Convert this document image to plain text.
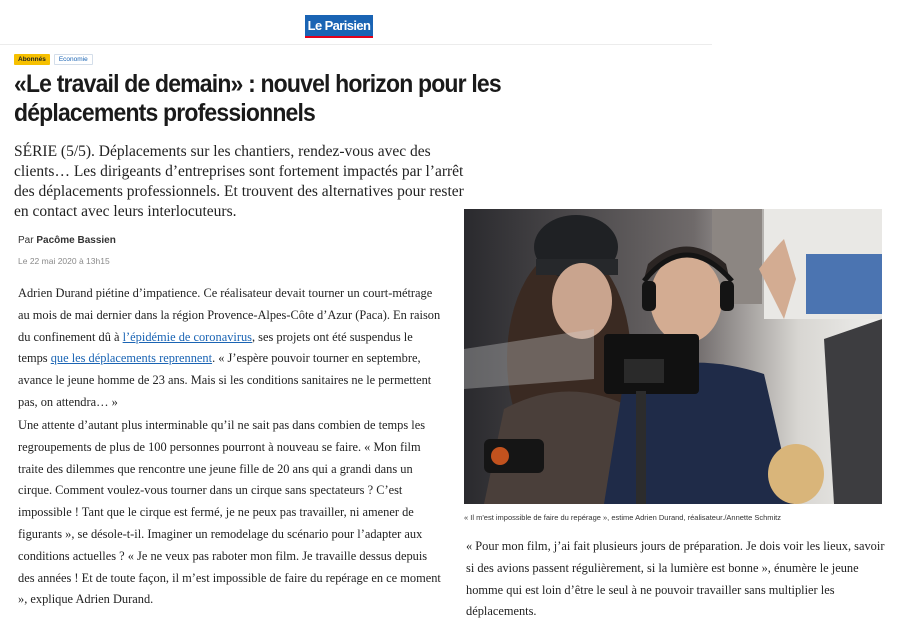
Le Parisien
Abonnés	Economie
«Le travail de demain» : nouvel horizon pour les déplacements professionnels

SÉRIE (5/5). Déplacements sur les chantiers, rendez-vous avec des clients… Les dirigeants d’entreprises sont fortement impactés par l’arrêt des déplacements professionnels. Et trouvent des alternatives pour rester en contact avec leurs interlocuteurs.

Par Pacôme Bassien
Le 22 mai 2020 à 13h15

Adrien Durand piétine d’impatience. Ce réalisateur devait tourner un court-métrage au mois de mai dernier dans la région Provence-Alpes-Côte d’Azur (Paca). En raison du confinement dû à l’épidémie de coronavirus, ses projets ont été suspendus le temps que les déplacements reprennent. « J’espère pouvoir tourner en septembre, avance le jeune homme de 23 ans. Mais si les conditions sanitaires ne le permettent pas, on attendra… »

Une attente d’autant plus interminable qu’il ne sait pas dans combien de temps les regroupements de plus de 100 personnes pourront à nouveau se faire. « Mon film traite des dilemmes que rencontre une jeune fille de 20 ans qui a grandi dans un cirque. Comment voulez-vous tourner dans un cirque sans spectateurs ? C’est impossible ! Tant que le cirque est fermé, je ne peux pas travailler, ni amener de figurants », se désole-t-il. Imaginer un remodelage du scénario pour l’adapter aux conditions actuelles ? « Je ne veux pas raboter mon film. Je travaille dessus depuis des années ! Et de toute façon, il m’est impossible de faire du repérage en ce moment », explique Adrien Durand.

« Il m'est impossible de faire du repérage », estime Adrien Durand, réalisateur./Annette Schmitz

« Pour mon film, j’ai fait plusieurs jours de préparation. Je dois voir les lieux, savoir si des avions passent régulièrement, si la lumière est bonne », énumère le jeune homme qui est loin d’être le seul à ne pouvoir travailler sans multiplier les déplacements.
